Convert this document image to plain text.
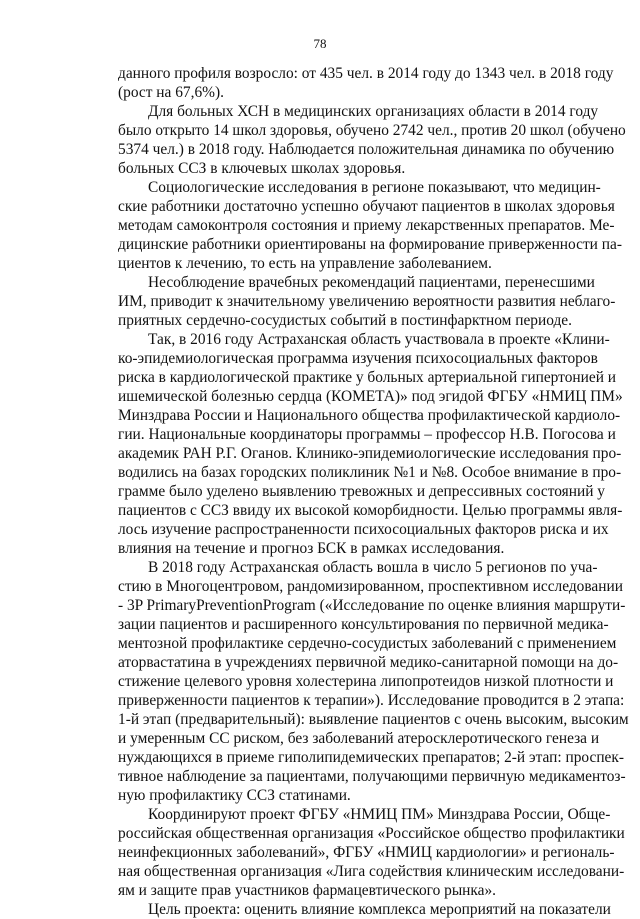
78
данного профиля возросло: от 435 чел. в 2014 году до 1343 чел. в 2018 году
(рост на 67,6%).
Для больных ХСН в медицинских организациях области в 2014 году
было открыто 14 школ здоровья, обучено 2742 чел., против 20 школ (обучено
5374 чел.) в 2018 году. Наблюдается положительная динамика по обучению
больных ССЗ в ключевых школах здоровья.
Социологические исследования в регионе показывают, что медицин-
ские работники достаточно успешно обучают пациентов в школах здоровья
методам самоконтроля состояния и приему лекарственных препаратов. Ме-
дицинские работники ориентированы на формирование приверженности па-
циентов к лечению, то есть на управление заболеванием.
Несоблюдение врачебных рекомендаций пациентами, перенесшими
ИМ, приводит к значительному увеличению вероятности развития неблаго-
приятных сердечно-сосудистых событий в постинфарктном периоде.
Так, в 2016 году Астраханская область участвовала в проекте «Клини-
ко-эпидемиологическая программа изучения психосоциальных факторов
риска в кардиологической практике у больных артериальной гипертонией и
ишемической болезнью сердца (КОМЕТА)» под эгидой ФГБУ «НМИЦ ПМ»
Минздрава России и Национального общества профилактической кардиоло-
гии. Национальные координаторы программы – профессор Н.В. Погосова и
академик РАН Р.Г. Оганов. Клинико-эпидемиологические исследования про-
водились на базах городских поликлиник №1 и №8. Особое внимание в про-
грамме было уделено выявлению тревожных и депрессивных состояний у
пациентов с ССЗ ввиду их высокой коморбидности. Целью программы явля-
лось изучение распространенности психосоциальных факторов риска и их
влияния на течение и прогноз БСК в рамках исследования.
В 2018 году Астраханская область вошла в число 5 регионов по уча-
стию в Многоцентровом, рандомизированном, проспективном исследовании
- 3P PrimaryPreventionProgram («Исследование по оценке влияния маршрути-
зации пациентов и расширенного консультирования по первичной медика-
ментозной профилактике сердечно-сосудистых заболеваний с применением
аторвастатина в учреждениях первичной медико-санитарной помощи на до-
стижение целевого уровня холестерина липопротеидов низкой плотности и
приверженности пациентов к терапии»). Исследование проводится в 2 этапа:
1-й этап (предварительный): выявление пациентов с очень высоким, высоким
и умеренным СС риском, без заболеваний атеросклеротического генеза и
нуждающихся в приеме гиполипидемических препаратов; 2-й этап: проспек-
тивное наблюдение за пациентами, получающими первичную медикаментоз-
ную профилактику ССЗ статинами.
Координируют проект ФГБУ «НМИЦ ПМ» Минздрава России, Обще-
российская общественная организация «Российское общество профилактики
неинфекционных заболеваний», ФГБУ «НМИЦ кардиологии» и региональ-
ная общественная организация «Лига содействия клиническим исследовани-
ям и защите прав участников фармацевтического рынка».
Цель проекта: оценить влияние комплекса мероприятий на показатели
